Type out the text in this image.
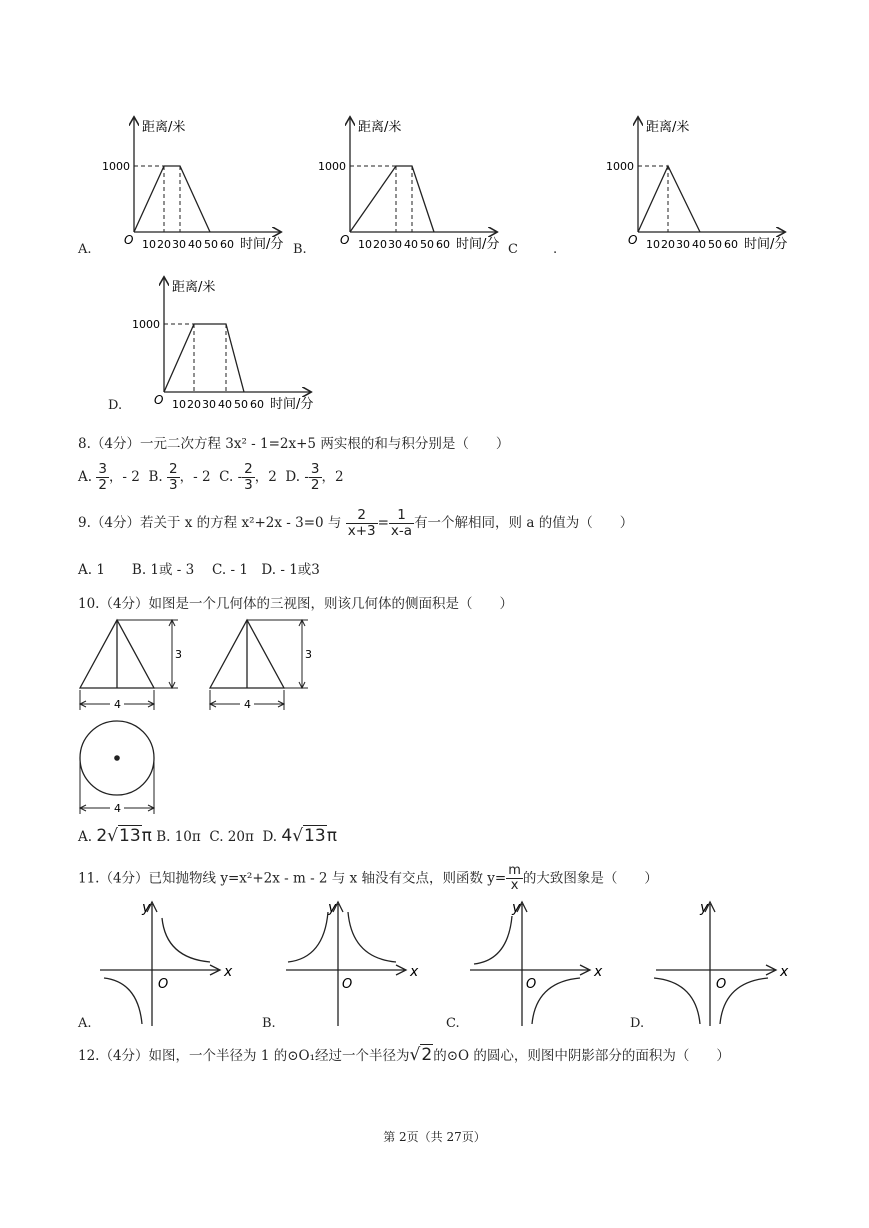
距离/米
1000
O 10 20 30 40 50 60 时间/分
A.
距离/米
1000
O 10 20 30 40 50 60 时间/分
B.	C	.
距离/米
1000
O 10 20 30 40 50 60 时间/分
距离/米
1000
O 10 20 30 40 50 60 时间/分
D.
8.（4分）一元二次方程 3x² - 1=2x+5 两实根的和与积分别是（　　）
A. $\frac{3}{2}$ ，- 2 B. $\frac{2}{3}$ ，- 2 C. - $\frac{2}{3}$ ，2 D. - $\frac{3}{2}$ ，2
9.（4分）若关于 x 的方程 x²+2x - 3=0 与 $\frac{2}{x+3} = \frac{1}{x-a}$ 有一个解相同，则 a 的值为（　　）
A. 1　　B. 1或 - 3　 C. - 1　D. - 1或3
10.（4分）如图是一个几何体的三视图，则该几何体的侧面积是（　　）
3
4
3
4
4
A. 2√13π B. 10π C. 20π D. 4√13π
11.（4分）已知抛物线 y=x²+2x - m - 2 与 x 轴没有交点，则函数 $y= \frac{m}{x}$ 的大致图象是（　　）
y
x
O
A.
y
x
O
B.
y
x
O
C.
y
x
O
D.
12.（4分）如图，一个半径为 1 的⊙O₁经过一个半径为√2的⊙O 的圆心，则图中阴影部分的面积为（　　）
第 2页（共 27页）
